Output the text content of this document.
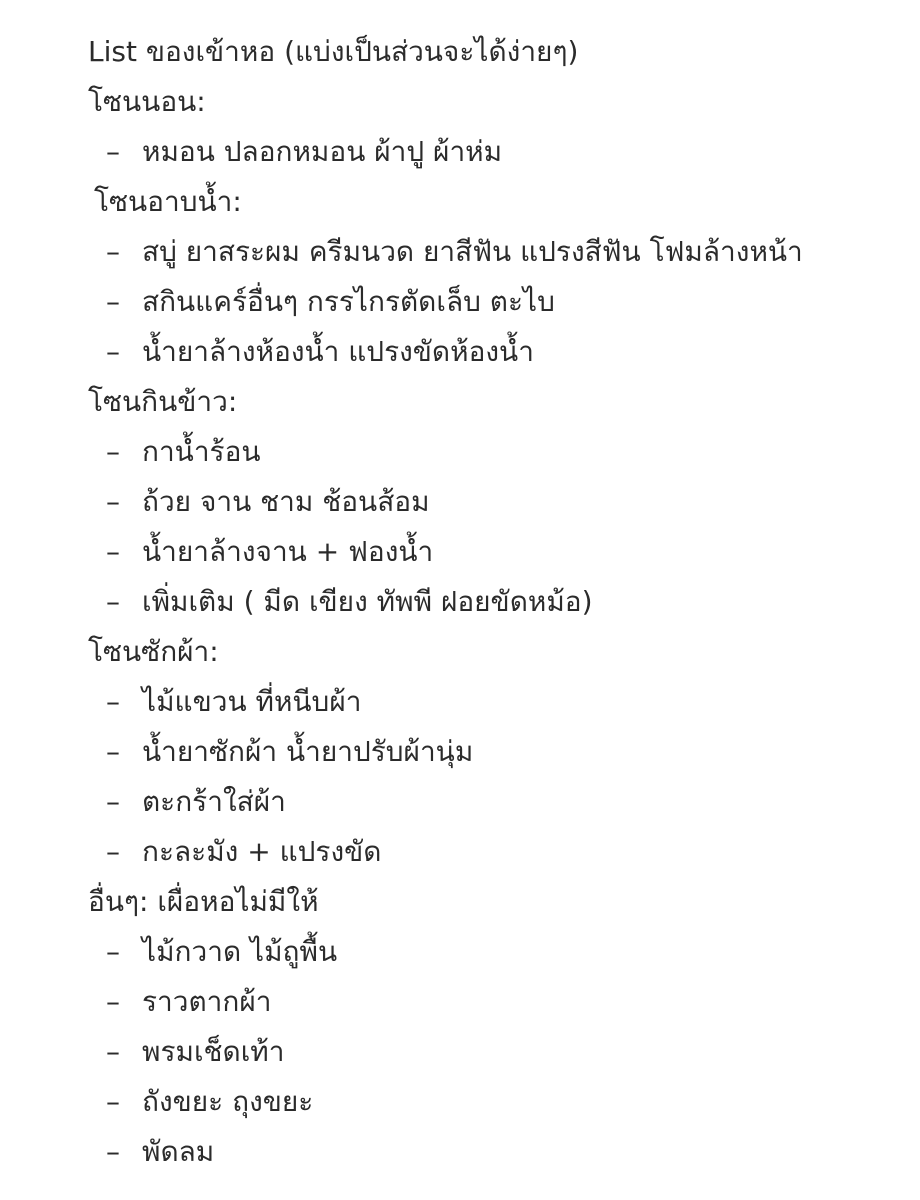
List ของเข้าหอ (แบ่งเป็นส่วนจะได้ง่ายๆ)
โซนนอน:
– หมอน ปลอกหมอน ผ้าปู ผ้าห่ม
โซนอาบน้ำ:
– สบู่ ยาสระผม ครีมนวด ยาสีฟัน แปรงสีฟัน โฟมล้างหน้า
– สกินแคร์อื่นๆ กรรไกรตัดเล็บ ตะไบ
– น้ำยาล้างห้องน้ำ แปรงขัดห้องน้ำ
โซนกินข้าว:
– กาน้ำร้อน
– ถ้วย จาน ชาม ช้อนส้อม
– น้ำยาล้างจาน + ฟองน้ำ
– เพิ่มเติม ( มีด เขียง ทัพพี ฝอยขัดหม้อ)
โซนซักผ้า:
– ไม้แขวน ที่หนีบผ้า
– น้ำยาซักผ้า น้ำยาปรับผ้านุ่ม
– ตะกร้าใส่ผ้า
– กะละมัง + แปรงขัด
อื่นๆ: เผื่อหอไม่มีให้
– ไม้กวาด ไม้ถูพื้น
– ราวตากผ้า
– พรมเช็ดเท้า
– ถังขยะ ถุงขยะ
– พัดลม
